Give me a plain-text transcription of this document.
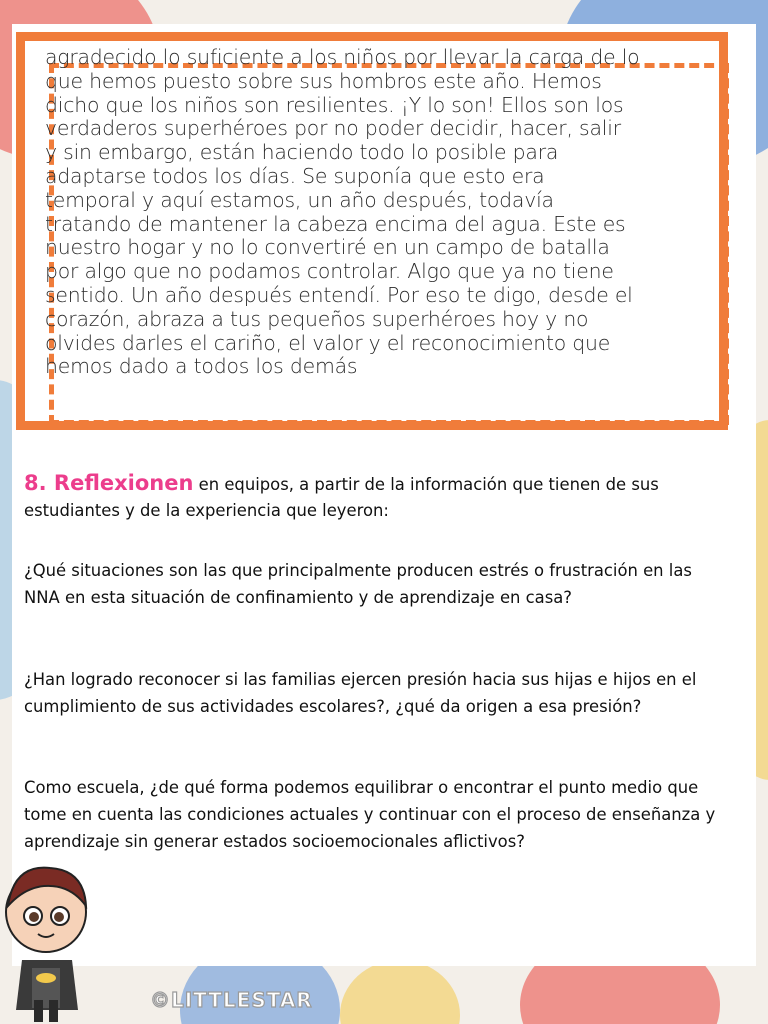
agradecido lo suficiente a los niños por llevar la carga de lo
que hemos puesto sobre sus hombros este año. Hemos
dicho que los niños son resilientes. ¡Y lo son! Ellos son los
verdaderos superhéroes por no poder decidir, hacer, salir
y sin embargo, están haciendo todo lo posible para
adaptarse todos los días. Se suponía que esto era
temporal y aquí estamos, un año después, todavía
tratando de mantener la cabeza encima del agua. Este es
nuestro hogar y no lo convertiré en un campo de batalla
por algo que no podamos controlar. Algo que ya no tiene
sentido. Un año después entendí. Por eso te digo, desde el
corazón, abraza a tus pequeños superhéroes hoy y no
olvides darles el cariño, el valor y el reconocimiento que
hemos dado a todos los demás

8. Reflexionen en equipos, a partir de la información que tienen de sus

estudiantes y de la experiencia que leyeron:

¿Qué situaciones son las que principalmente producen estrés o frustración en las
NNA en esta situación de confinamiento y de aprendizaje en casa?
¿Han logrado reconocer si las familias ejercen presión hacia sus hijas e hijos en el
cumplimiento de sus actividades escolares?, ¿qué da origen a esa presión?
Como escuela, ¿de qué forma podemos equilibrar o encontrar el punto medio que
tome en cuenta las condiciones actuales y continuar con el proceso de enseñanza y
aprendizaje sin generar estados socioemocionales aflictivos?
©LITTLESTAR
